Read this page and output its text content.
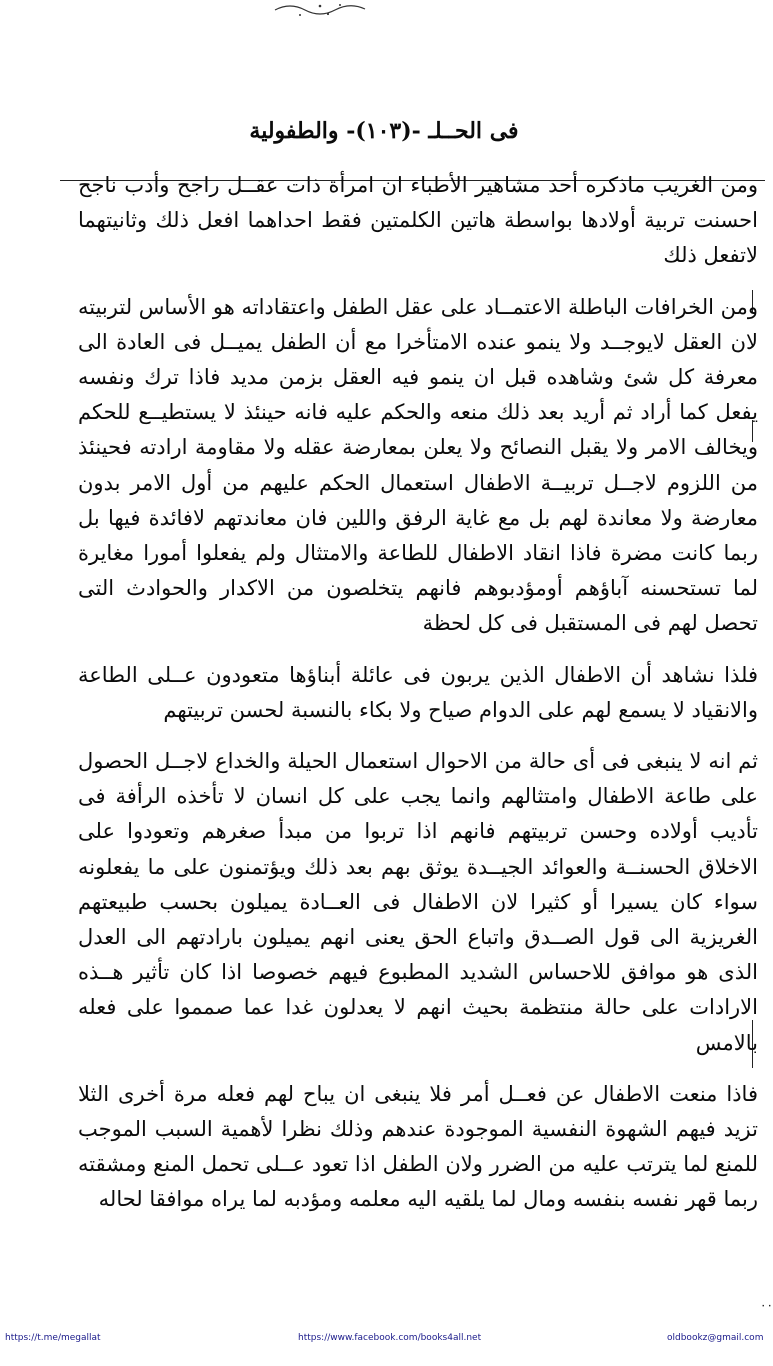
فى الحــلـ -(١٠٣)- والطفولية
٠٠

ومن الغريب ماذكره أحد مشاهير الأطباء ان امرأة ذات عقــل راجح وأدب ناجح احسنت تربية أولادها بواسطة هاتين الكلمتين فقط احداهما افعل ذلك وثانيتهما لاتفعل ذلك

ومن الخرافات الباطلة الاعتمــاد على عقل الطفل واعتقاداته هو الأساس لتربيته لان العقل لايوجــد ولا ينمو عنده الامتأخرا مع أن الطفل يميــل فى العادة الى معرفة كل شئ وشاهده قبل ان ينمو فيه العقل بزمن مديد فاذا ترك ونفسه يفعل كما أراد ثم أريد بعد ذلك منعه والحكم عليه فانه حينئذ لا يستطيــع للحكم ويخالف الامر ولا يقبل النصائح ولا يعلن بمعارضة عقله ولا مقاومة ارادته فحينئذ من اللزوم لاجــل تربيــة الاطفال استعمال الحكم عليهم من أول الامر بدون معارضة ولا معاندة لهم بل مع غاية الرفق واللين فان معاندتهم لافائدة فيها بل ربما كانت مضرة فاذا انقاد الاطفال للطاعة والامتثال ولم يفعلوا أمورا مغايرة لما تستحسنه آباؤهم أومؤدبوهم فانهم يتخلصون من الاكدار والحوادث التى تحصل لهم فى المستقبل فى كل لحظة

فلذا نشاهد أن الاطفال الذين يربون فى عائلة أبناؤها متعودون عــلى الطاعة والانقياد لا يسمع لهم على الدوام صياح ولا بكاء بالنسبة لحسن تربيتهم

ثم انه لا ينبغى فى أى حالة من الاحوال استعمال الحيلة والخداع لاجــل الحصول على طاعة الاطفال وامتثالهم وانما يجب على كل انسان لا تأخذه الرأفة فى تأديب أولاده وحسن تربيتهم فانهم اذا تربوا من مبدأ صغرهم وتعودوا على الاخلاق الحسنــة والعوائد الجيــدة يوثق بهم بعد ذلك ويؤتمنون على ما يفعلونه سواء كان يسيرا أو كثيرا لان الاطفال فى العــادة يميلون بحسب طبيعتهم الغريزية الى قول الصــدق واتباع الحق يعنى انهم يميلون بارادتهم الى العدل الذى هو موافق للاحساس الشديد المطبوع فيهم خصوصا اذا كان تأثير هــذه الارادات على حالة منتظمة بحيث انهم لا يعدلون غدا عما صمموا على فعله بالامس

فاذا منعت الاطفال عن فعــل أمر فلا ينبغى ان يباح لهم فعله مرة أخرى الثلا تزيد فيهم الشهوة النفسية الموجودة عندهم وذلك نظرا لأهمية السبب الموجب للمنع لما يترتب عليه من الضرر ولان الطفل اذا تعود عــلى تحمل المنع ومشقته ربما قهر نفسه بنفسه ومال لما يلقيه اليه معلمه ومؤدبه لما يراه موافقا لحاله

https://t.me/megallat	https://www.facebook.com/books4all.net	oldbookz@gmail.com
